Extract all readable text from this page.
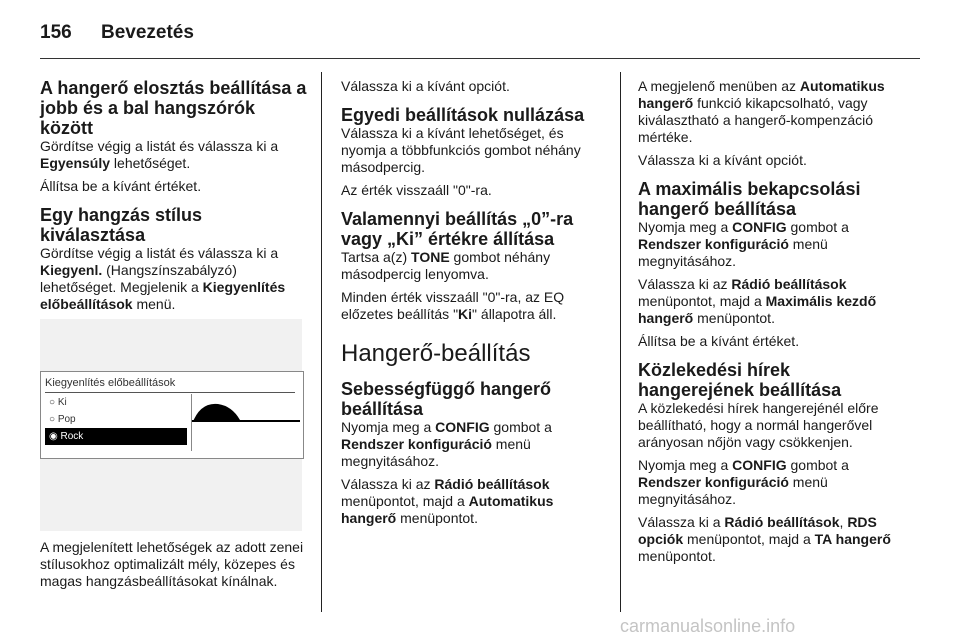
156 Bevezetés
A hangerő elosztás beállítása a jobb és a bal hangszórók között

Gördítse végig a listát és válassza ki a Egyensúly lehetőséget.

Állítsa be a kívánt értéket.

Egy hangzás stílus kiválasztása

Gördítse végig a listát és válassza ki a Kiegyenl. (Hangszínszabályzó) lehetőséget. Megjelenik a Kiegyenlítés előbeállítások menü.

Kiegyenlítés előbeállítások
○ Ki
○ Pop
◉ Rock

A megjelenített lehetőségek az adott zenei stílusokhoz optimalizált mély, közepes és magas hangzásbeállításokat kínálnak.

Válassza ki a kívánt opciót.

Egyedi beállítások nullázása

Válassza ki a kívánt lehetőséget, és nyomja a többfunkciós gombot néhány másodpercig.

Az érték visszaáll "0"-ra.

Valamennyi beállítás „0”-ra vagy „Ki” értékre állítása

Tartsa a(z) TONE gombot néhány másodpercig lenyomva.

Minden érték visszaáll "0"-ra, az EQ előzetes beállítás "Ki" állapotra áll.

Hangerő-beállítás
Sebességfüggő hangerő beállítása

Nyomja meg a CONFIG gombot a Rendszer konfiguráció menü megnyitásához.

Válassza ki az Rádió beállítások menüpontot, majd a Automatikus hangerő menüpontot.

A megjelenő menüben az Automatikus hangerő funkció kikapcsolható, vagy kiválasztható a hangerő-kompenzáció mértéke.

Válassza ki a kívánt opciót.

A maximális bekapcsolási hangerő beállítása

Nyomja meg a CONFIG gombot a Rendszer konfiguráció menü megnyitásához.

Válassza ki az Rádió beállítások menüpontot, majd a Maximális kezdő hangerő menüpontot.

Állítsa be a kívánt értéket.

Közlekedési hírek hangerejének beállítása

A közlekedési hírek hangerejénél előre beállítható, hogy a normál hangerővel arányosan nőjön vagy csökkenjen.

Nyomja meg a CONFIG gombot a Rendszer konfiguráció menü megnyitásához.

Válassza ki a Rádió beállítások, RDS opciók menüpontot, majd a TA hangerő menüpontot.

carmanualsonline.info
